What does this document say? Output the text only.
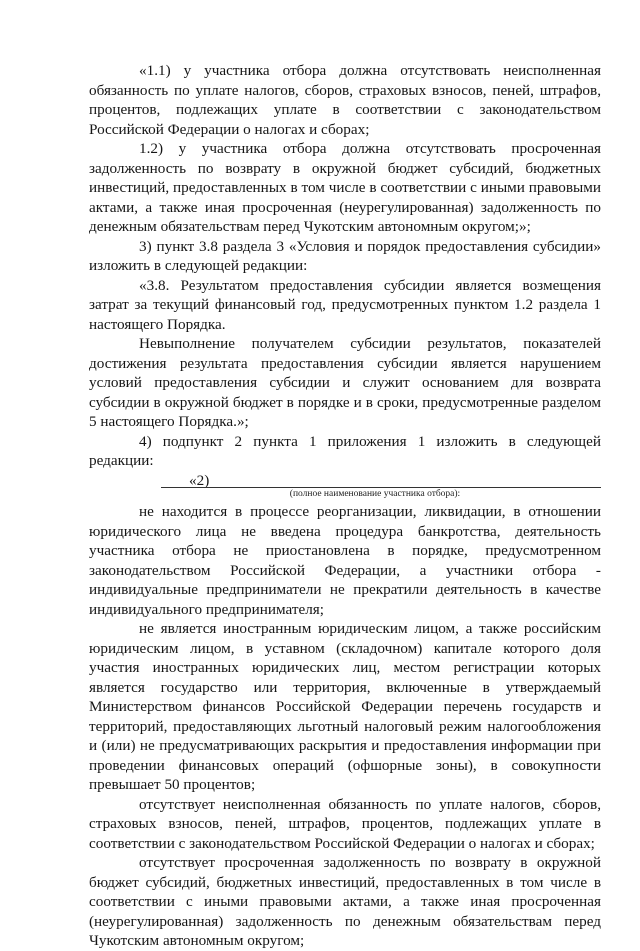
«1.1) у участника отбора должна отсутствовать неисполненная обязанность по уплате налогов, сборов, страховых взносов, пеней, штрафов, процентов, подлежащих уплате в соответствии с законодательством Российской Федерации о налогах и сборах;

1.2) у участника отбора должна отсутствовать просроченная задолженность по возврату в окружной бюджет субсидий, бюджетных инвестиций, предоставленных в том числе в соответствии с иными правовыми актами, а также иная просроченная (неурегулированная) задолженность по денежным обязательствам перед Чукотским автономным округом;»;

3) пункт 3.8 раздела 3 «Условия и порядок предоставления субсидии» изложить в следующей редакции:

«3.8. Результатом предоставления субсидии является возмещения затрат за текущий финансовый год, предусмотренных пунктом 1.2 раздела 1 настоящего Порядка.

Невыполнение получателем субсидии результатов, показателей достижения результата предоставления субсидии является нарушением условий предоставления субсидии и служит основанием для возврата субсидии в окружной бюджет в порядке и в сроки, предусмотренные разделом 5 настоящего Порядка.»;

4) подпункт 2 пункта 1 приложения 1 изложить в следующей редакции:

«2)
(полное наименование участника отбора):

не находится в процессе реорганизации, ликвидации, в отношении юридического лица не введена процедура банкротства, деятельность участника отбора не приостановлена в порядке, предусмотренном законодательством Российской Федерации, а участники отбора - индивидуальные предприниматели не прекратили деятельность в качестве индивидуального предпринимателя;

не является иностранным юридическим лицом, а также российским юридическим лицом, в уставном (складочном) капитале которого доля участия иностранных юридических лиц, местом регистрации которых является государство или территория, включенные в утверждаемый Министерством финансов Российской Федерации перечень государств и территорий, предоставляющих льготный налоговый режим налогообложения и (или) не предусматривающих раскрытия и предоставления информации при проведении финансовых операций (офшорные зоны), в совокупности превышает 50 процентов;

отсутствует неисполненная обязанность по уплате налогов, сборов, страховых взносов, пеней, штрафов, процентов, подлежащих уплате в соответствии с законодательством Российской Федерации о налогах и сборах;

отсутствует просроченная задолженность по возврату в окружной бюджет субсидий, бюджетных инвестиций, предоставленных в том числе в соответствии с иными правовыми актами, а также иная просроченная (неурегулированная) задолженность по денежным обязательствам перед Чукотским автономным округом;
